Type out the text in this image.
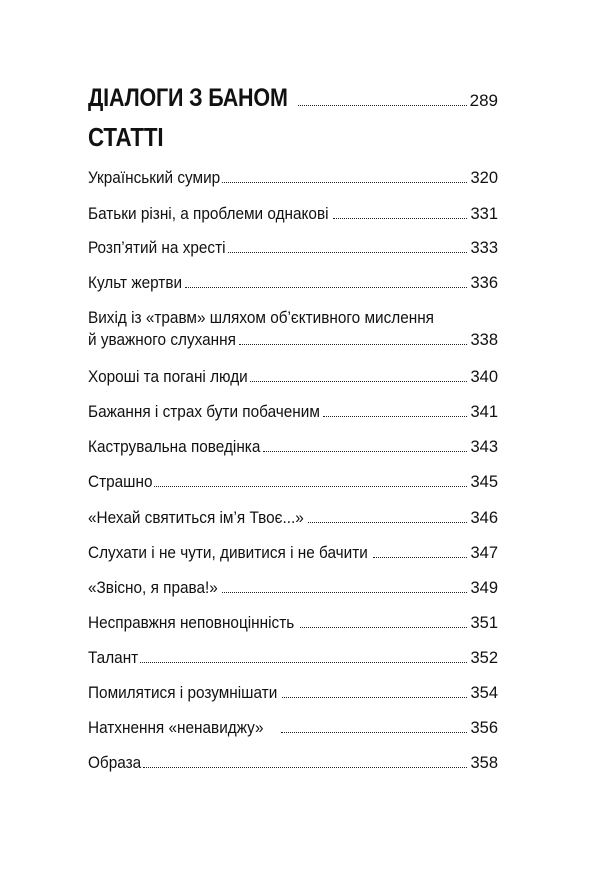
ДІАЛОГИ З БАНОМ	289
СТАТТІ
Український сумир	320
Батьки різні, а проблеми однакові	331
Розп’ятий на хресті	333
Культ жертви	336
Вихід із «травм» шляхом об’єктивного мислення
й уважного слухання	338
Хороші та погані люди	340
Бажання і страх бути побаченим	341
Каструвальна поведінка	343
Страшно	345
«Нехай святиться ім’я Твоє...»	346
Слухати і не чути, дивитися і не бачити	347
«Звісно, я права!»	349
Несправжня неповноцінність	351
Талант	352
Помилятися і розумнішати	354
Натхнення «ненавиджу»	356
Образа	358
